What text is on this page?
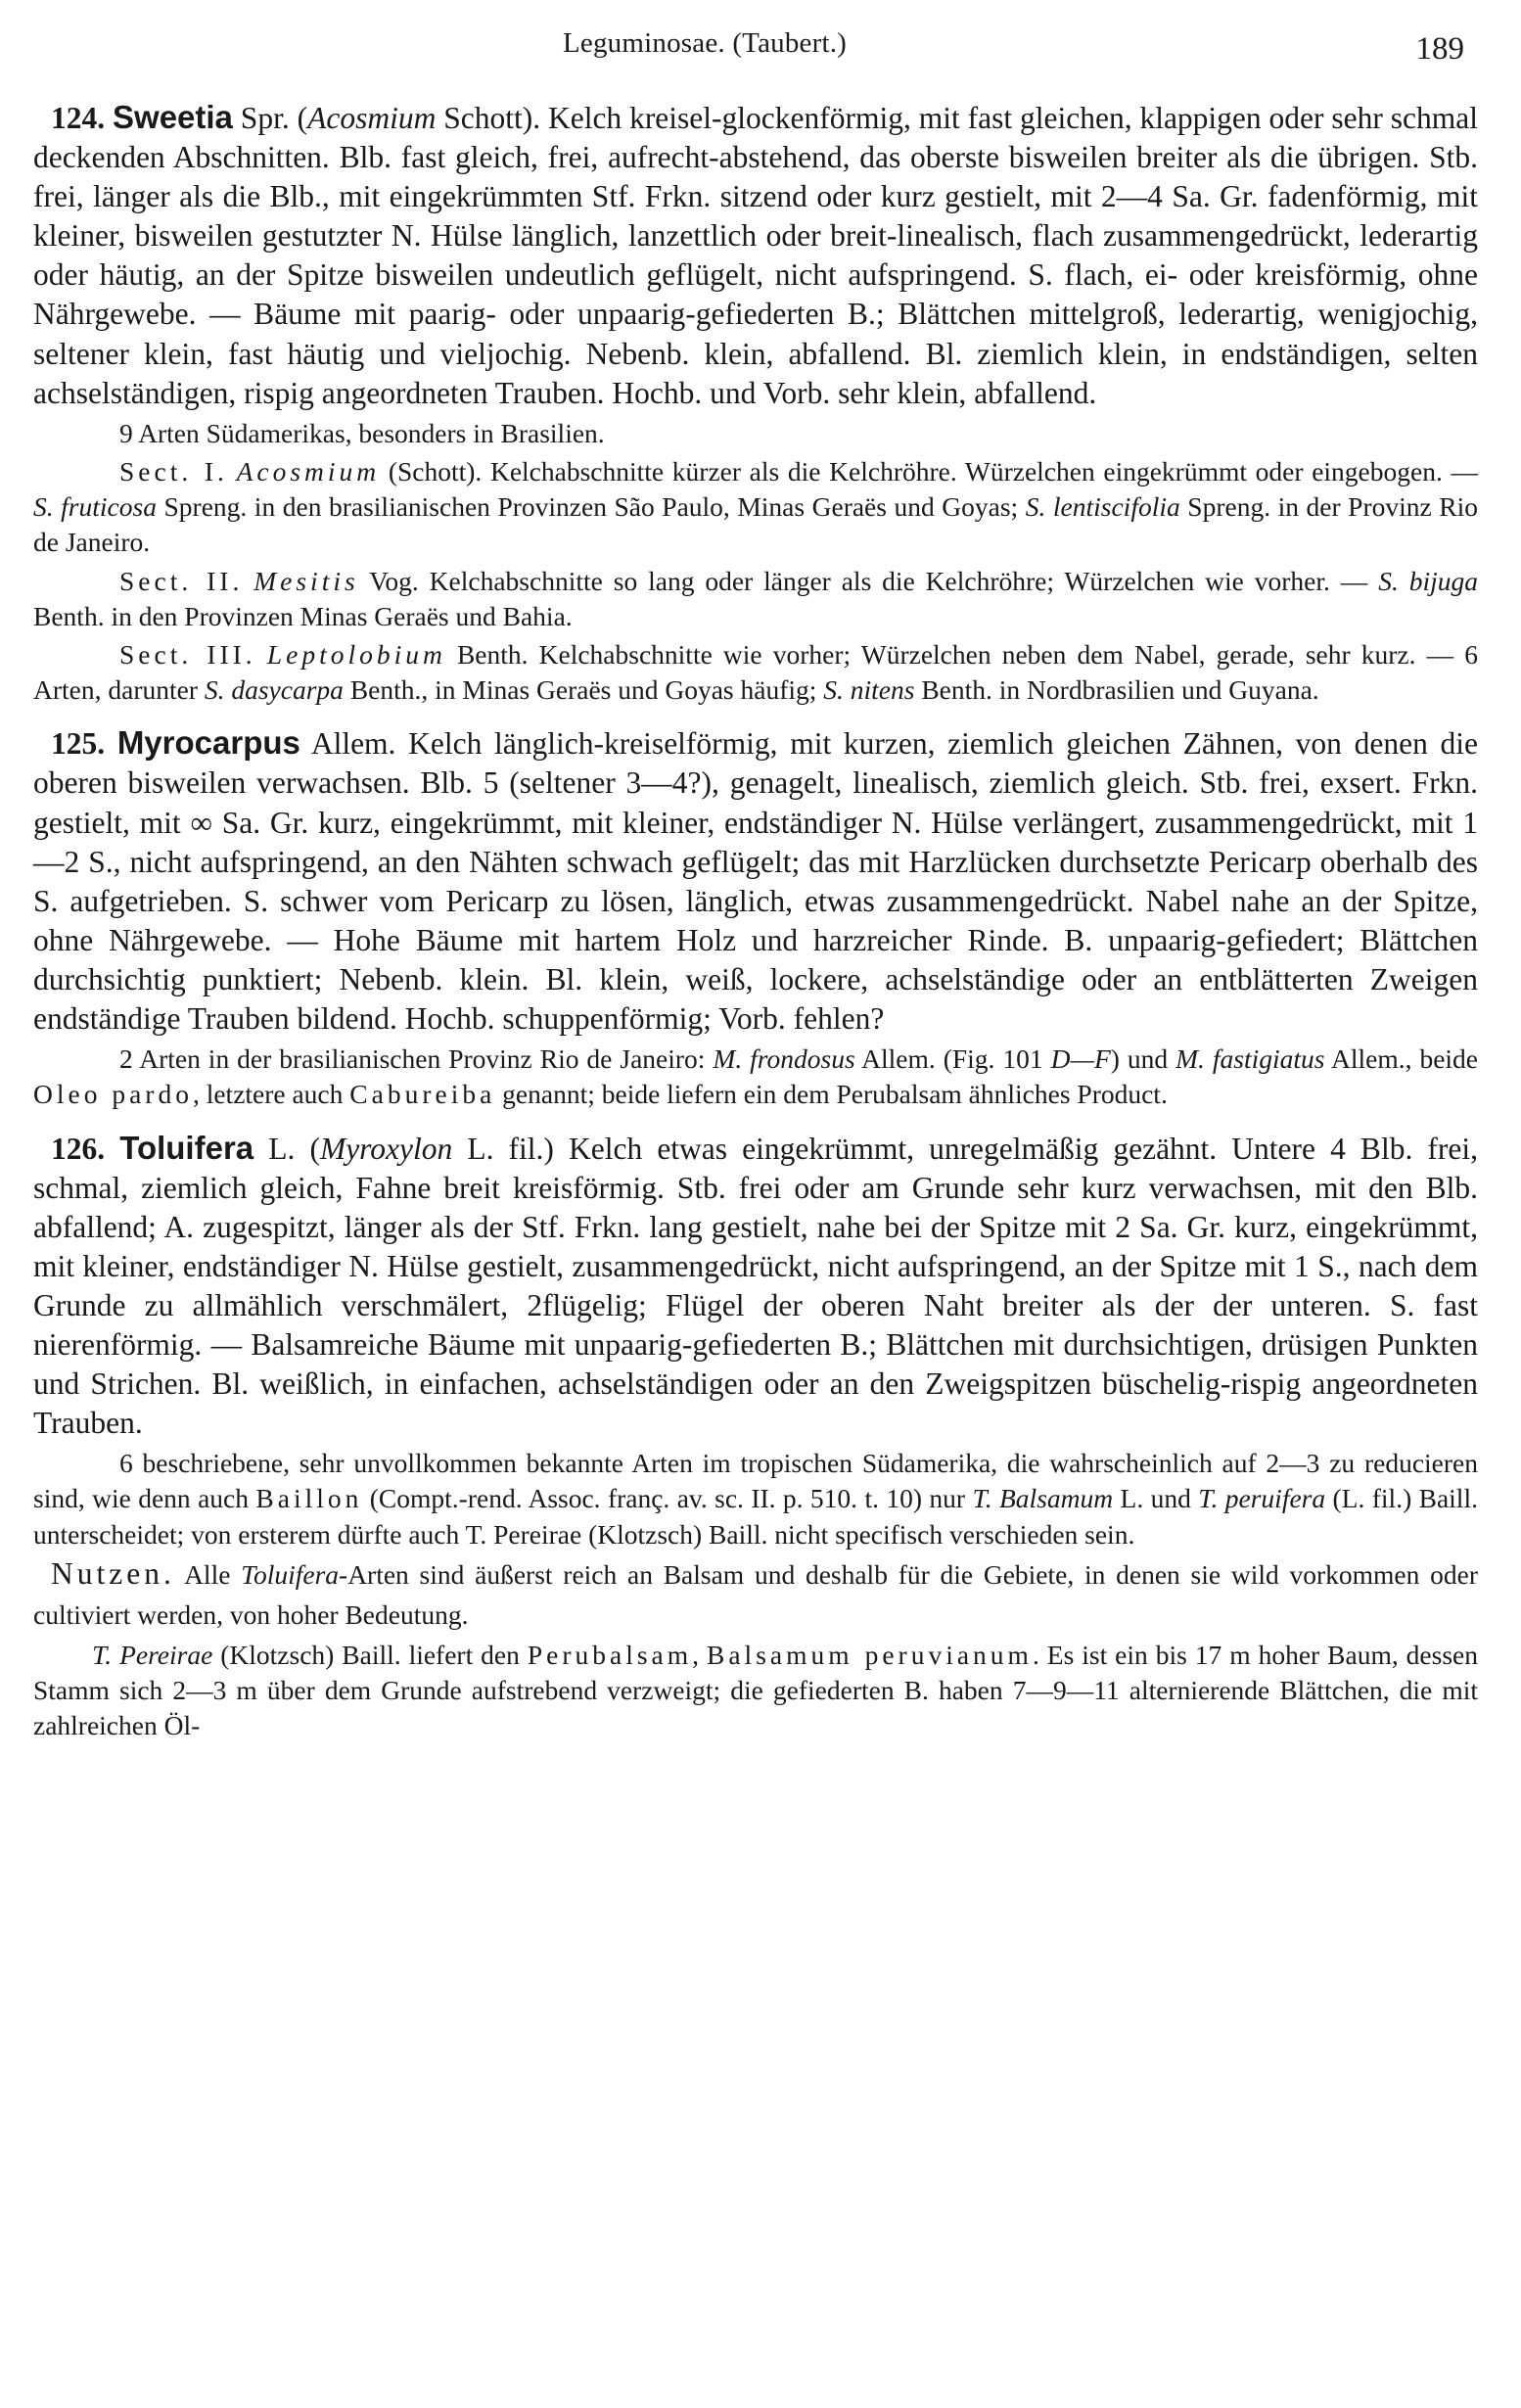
Leguminosae. (Taubert.)	189

124. Sweetia Spr. (Acosmium Schott). Kelch kreisel-glockenförmig, mit fast gleichen, klappigen oder sehr schmal deckenden Abschnitten. Blb. fast gleich, frei, aufrecht-abstehend, das oberste bisweilen breiter als die übrigen. Stb. frei, länger als die Blb., mit eingekrümmten Stf. Frkn. sitzend oder kurz gestielt, mit 2—4 Sa. Gr. fadenförmig, mit kleiner, bisweilen gestutzter N. Hülse länglich, lanzettlich oder breit-linealisch, flach zusammengedrückt, lederartig oder häutig, an der Spitze bisweilen undeutlich geflügelt, nicht aufspringend. S. flach, ei- oder kreisförmig, ohne Nährgewebe. — Bäume mit paarig- oder unpaarig-gefiederten B.; Blättchen mittelgroß, lederartig, wenigjochig, seltener klein, fast häutig und vieljochig. Nebenb. klein, abfallend. Bl. ziemlich klein, in endständigen, selten achselständigen, rispig angeordneten Trauben. Hochb. und Vorb. sehr klein, abfallend.

9 Arten Südamerikas, besonders in Brasilien.

Sect. I. Acosmium (Schott). Kelchabschnitte kürzer als die Kelchröhre. Würzelchen eingekrümmt oder eingebogen. — S. fruticosa Spreng. in den brasilianischen Provinzen São Paulo, Minas Geraës und Goyas; S. lentiscifolia Spreng. in der Provinz Rio de Janeiro.

Sect. II. Mesitis Vog. Kelchabschnitte so lang oder länger als die Kelchröhre; Würzelchen wie vorher. — S. bijuga Benth. in den Provinzen Minas Geraës und Bahia.

Sect. III. Leptolobium Benth. Kelchabschnitte wie vorher; Würzelchen neben dem Nabel, gerade, sehr kurz. — 6 Arten, darunter S. dasycarpa Benth., in Minas Geraës und Goyas häufig; S. nitens Benth. in Nordbrasilien und Guyana.

125. Myrocarpus Allem. Kelch länglich-kreiselförmig, mit kurzen, ziemlich gleichen Zähnen, von denen die oberen bisweilen verwachsen. Blb. 5 (seltener 3—4?), genagelt, linealisch, ziemlich gleich. Stb. frei, exsert. Frkn. gestielt, mit ∞ Sa. Gr. kurz, eingekrümmt, mit kleiner, endständiger N. Hülse verlängert, zusammengedrückt, mit 1—2 S., nicht aufspringend, an den Nähten schwach geflügelt; das mit Harzlücken durchsetzte Pericarp oberhalb des S. aufgetrieben. S. schwer vom Pericarp zu lösen, länglich, etwas zusammengedrückt. Nabel nahe an der Spitze, ohne Nährgewebe. — Hohe Bäume mit hartem Holz und harzreicher Rinde. B. unpaarig-gefiedert; Blättchen durchsichtig punktiert; Nebenb. klein. Bl. klein, weiß, lockere, achselständige oder an entblätterten Zweigen endständige Trauben bildend. Hochb. schuppenförmig; Vorb. fehlen?

2 Arten in der brasilianischen Provinz Rio de Janeiro: M. frondosus Allem. (Fig. 101 D—F) und M. fastigiatus Allem., beide Oleo pardo, letztere auch Cabureiba genannt; beide liefern ein dem Perubalsam ähnliches Product.

126. Toluifera L. (Myroxylon L. fil.) Kelch etwas eingekrümmt, unregelmäßig gezähnt. Untere 4 Blb. frei, schmal, ziemlich gleich, Fahne breit kreisförmig. Stb. frei oder am Grunde sehr kurz verwachsen, mit den Blb. abfallend; A. zugespitzt, länger als der Stf. Frkn. lang gestielt, nahe bei der Spitze mit 2 Sa. Gr. kurz, eingekrümmt, mit kleiner, endständiger N. Hülse gestielt, zusammengedrückt, nicht aufspringend, an der Spitze mit 1 S., nach dem Grunde zu allmählich verschmälert, 2flügelig; Flügel der oberen Naht breiter als der der unteren. S. fast nierenförmig. — Balsamreiche Bäume mit unpaarig-gefiederten B.; Blättchen mit durchsichtigen, drüsigen Punkten und Strichen. Bl. weißlich, in einfachen, achselständigen oder an den Zweigspitzen büschelig-rispig angeordneten Trauben.

6 beschriebene, sehr unvollkommen bekannte Arten im tropischen Südamerika, die wahrscheinlich auf 2—3 zu reducieren sind, wie denn auch Baillon (Compt.-rend. Assoc. franç. av. sc. II. p. 510. t. 10) nur T. Balsamum L. und T. peruifera (L. fil.) Baill. unterscheidet; von ersterem dürfte auch T. Pereirae (Klotzsch) Baill. nicht specifisch verschieden sein.

Nutzen. Alle Toluifera-Arten sind äußerst reich an Balsam und deshalb für die Gebiete, in denen sie wild vorkommen oder cultiviert werden, von hoher Bedeutung.

T. Pereirae (Klotzsch) Baill. liefert den Perubalsam, Balsamum peruvianum. Es ist ein bis 17 m hoher Baum, dessen Stamm sich 2—3 m über dem Grunde aufstrebend verzweigt; die gefiederten B. haben 7—9—11 alternierende Blättchen, die mit zahlreichen Öl-
